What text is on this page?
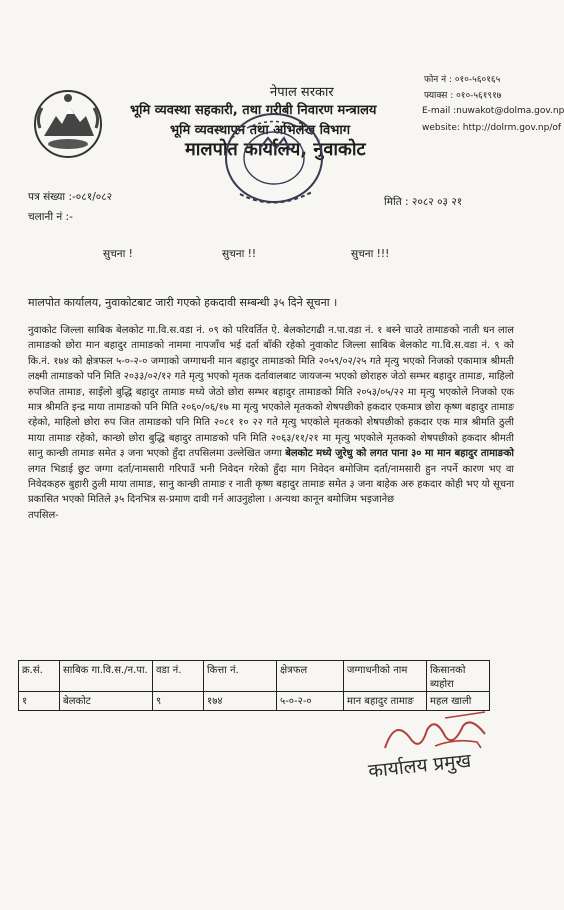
नेपाल सरकार
भूमि व्यवस्था सहकारी, तथा गरीबी निवारण मन्त्रालय
भूमि व्यवस्थापन तथा अभिलेख विभाग
मालपोत कार्यालय, नुवाकोट
फोन नं : ०१०-५६०१६५
फ्याक्स : ०१०-५६१९१७
E-mail :nuwakot@dolma.gov.np
website: http://dolrm.gov.np/of
पत्र संख्या :-०८१/०८२
चलानी नं :-
मिति : २०८२ ०३ २१
सुचना !	सुचना !!	सुचना !!!
मालपोत कार्यालय, नुवाकोटबाट जारी गएको हकदावी सम्बन्धी ३५ दिने सूचना ।
नुवाकोट जिल्ला साबिक बेलकोट गा.वि.स.वडा नं. ०९ को परिवर्तित ऐ. बेलकोटगढी न.पा.वडा नं. १ बस्ने चाउरे तामाङको नाती धन लाल तामाङको छोरा मान बहादुर तामाङको नाममा नापजाँच भई दर्ता बाँकी रहेको नुवाकोट जिल्ला साबिक बेलकोट गा.वि.स.वडा नं. ९ को कि.नं. १७४ को क्षेत्रफल ५-०-२-० जग्गाको जग्गाधनी मान बहादुर तामाङको मिति २०५९/०२/२५ गते मृत्यु भएको निजको एकामात्र श्रीमती लक्ष्मी तामाङको पनि मिति २०३३/०२/१२ गते मृत्यु भएको मृतक दर्तावालबाट जायजन्म भएको छोराहरु जेठो सम्भर बहादुर तामाङ, माहिलो रुपजित तामाङ, साइँलो बुद्धि बहादुर तामाङ मध्ये जेठो छोरा सम्भर बहादुर तामाङको मिति २०५३/०५/२२ मा मृत्यु भएकोले निजको एक मात्र श्रीमति इन्द्र माया तामाङको पनि मिति २०६०/०६/१७ मा मृत्यु भएकोले मृतकको शेषपछीको हकदार एकमात्र छोरा कृष्ण बहादुर तामाङ रहेको, माहिलो छोरा रुप जित तामाङको पनि मिति २०८१ १० २२ गते मृत्यु भएकोले मृतकको शेषपछीको हकदार एक मात्र श्रीमति ठुली माया तामाङ रहेको, कान्छो छोरा बुद्धि बहादुर तामाङको पनि मिति २०६३/११/२१ मा मृत्यु भएकोले मृतकको शेषपछीको हकदार श्रीमती सानु कान्छी तामाङ समेत ३ जना भएको हुँदा तपसिलमा उल्लेखित जग्गा बेलकोट मध्ये जुरेधु को लगत पाना ३० मा मान बहादुर तामाङको लगत भिडाई छुट जग्गा दर्ता/नामसारी गरिपाउँ भनी निवेदन गरेको हुँदा माग निवेदन बमोजिम दर्ता/नामसारी हुन नपर्ने कारण भए वा निवेदकहरु बुहारी ठुली माया तामाङ, सानु कान्छी तामाङ र नाती कृष्ण बहादुर तामाङ समेत ३ जना बाहेक अरु हकदार कोही भए यो सूचना प्रकासित भएको मितिले ३५ दिनभित्र स-प्रमाण दावी गर्न आउनुहोला । अन्यथा कानून बमोजिम भइजानेछ
तपसिल-
क्र.सं.	साबिक गा.वि.स./न.पा.	वडा नं.	कित्ता नं.	क्षेत्रफल	जग्गाधनीको नाम	किसानको ब्यहोरा
१	बेलकोट	९	१७४	५-०-२-०	मान बहादुर तामाङ	महल खाली
कार्यालय प्रमुख
